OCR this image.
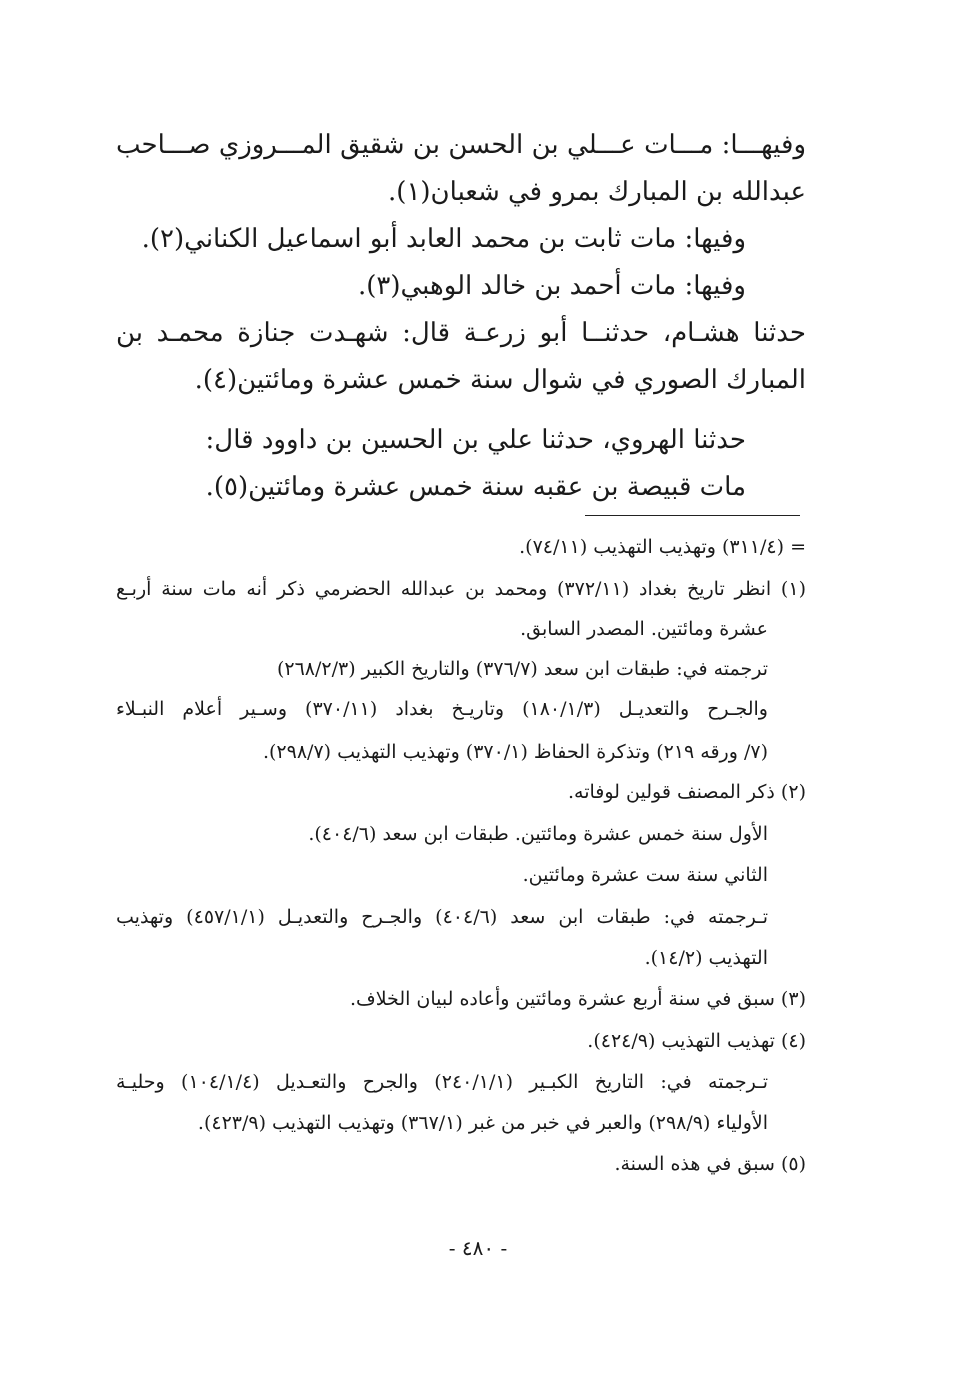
وفيهـــا: مـــات عـــلي بن الحسن بن شقيق المـــروزي صـــاحب
عبدالله بن المبارك بمرو في شعبان(١).
وفيها: مات ثابت بن محمد العابد أبو اسماعيل الكناني(٢).
وفيها: مات أحمد بن خالد الوهبي(٣).
حدثنا هشـام، حدثنــا أبو زرعـة قال: شهـدت جنازة محمـد بن
المبارك الصوري في شوال سنة خمس عشرة ومائتين(٤).
حدثنا الهروي، حدثنا علي بن الحسين بن داوود قال:
مات قبيصة بن عقبه سنة خمس عشرة ومائتين(٥).
= (٣١١/٤) وتهذيب التهذيب (٧٤/١١).
(١) انظر تاريخ بغداد (٣٧٢/١١) ومحمد بن عبدالله الحضرمي ذكر أنه مات سنة أربـع
عشرة ومائتين. المصدر السابق.
ترجمته في: طبقات ابن سعد (٣٧٦/٧) والتاريخ الكبير (٢٦٨/٢/٣)
والجـرح والتعديـل (١٨٠/١/٣) وتاريـخ بغداد (٣٧٠/١١) وسـير أعلام النبـلاء
(٧/ ورقه ٢١٩) وتذكرة الحفاظ (٣٧٠/١) وتهذيب التهذيب (٢٩٨/٧).
(٢) ذكر المصنف قولين لوفاته.
الأول سنة خمس عشرة ومائتين. طبقات ابن سعد (٤٠٤/٦).
الثاني سنة ست عشرة ومائتين.
تـرجمته في: طبقات ابن سعد (٤٠٤/٦) والجـرح والتعديـل (٤٥٧/١/١) وتهذيب
التهذيب (١٤/٢).
(٣) سبق في سنة أربع عشرة ومائتين وأعاده لبيان الخلاف.
(٤) تهذيب التهذيب (٤٢٤/٩).
تـرجمته في: التاريخ الكبـير (٢٤٠/١/١) والجرح والتعـديل (١٠٤/١/٤) وحليـة
الأولياء (٢٩٨/٩) والعبر في خبر من غبر (٣٦٧/١) وتهذيب التهذيب (٤٢٣/٩).
(٥) سبق في هذه السنة.
- ٤٨٠ -
